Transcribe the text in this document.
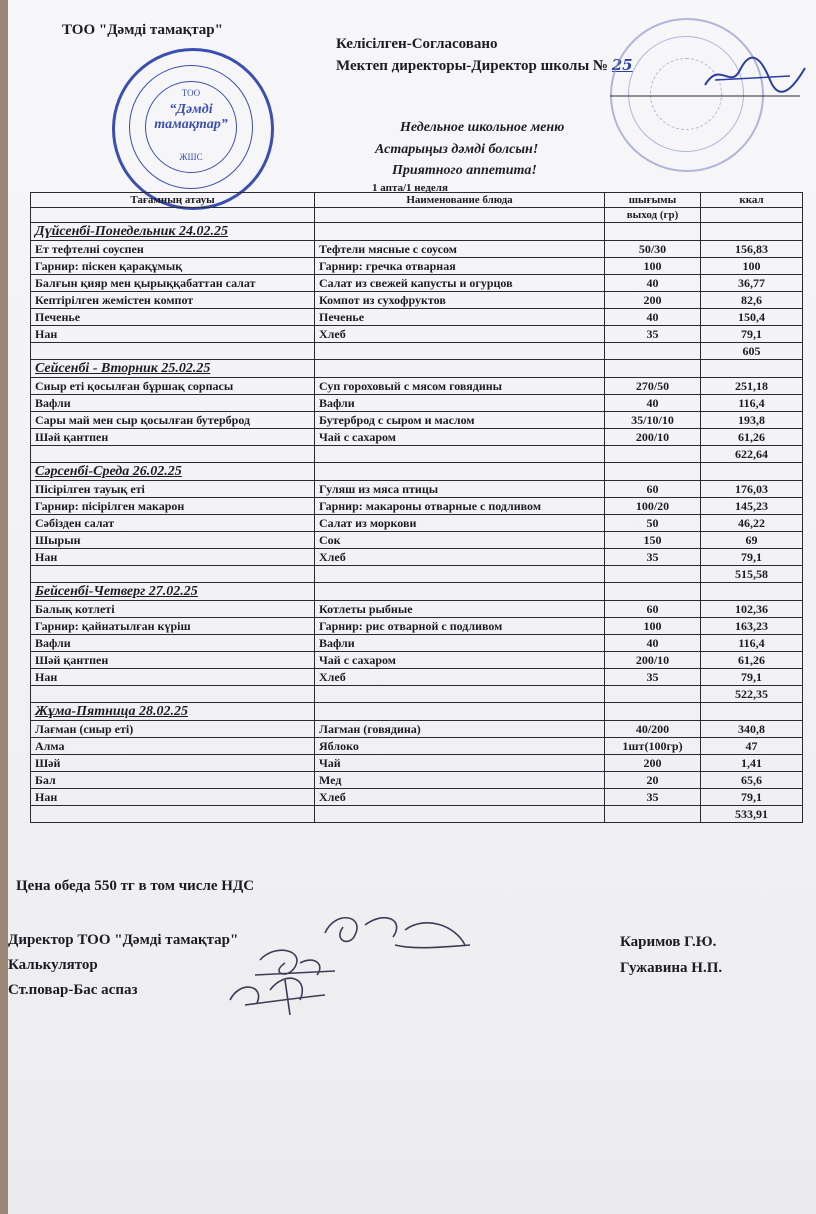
ТОО "Дәмді тамақтар"
Келісілген-Согласовано
Мектеп директоры-Директор школы № 25
ТОО
“Дәмді тамақтар”
ЖШС
Недельное школьное меню
Астарыңыз дәмді болсын!
Приятного аппетита!
1 апта/1 неделя
Тағамның атауы	Наименование блюда	шығымы	ккал
		выход (гр)	
Дүйсенбі-Понедельник 24.02.25			
Ет тефтелні соуспен	Тефтели мясные с соусом	50/30	156,83
Гарнир: піскен қарақұмық	Гарнир: гречка отварная	100	100
Балғын қияр мен қырыққабаттан салат	Салат из свежей капусты и огурцов	40	36,77
Кептірілген жемістен компот	Компот из сухофруктов	200	82,6
Печенье	Печенье	40	150,4
Нан	Хлеб	35	79,1
			605
Сейсенбі - Вторник 25.02.25			
Сиыр еті қосылған бұршақ сорпасы	Суп гороховый с мясом говядины	270/50	251,18
Вафли	Вафли	40	116,4
Сары май мен сыр қосылған бутерброд	Бутерброд с сыром и маслом	35/10/10	193,8
Шәй қантпен	Чай с сахаром	200/10	61,26
			622,64
Сәрсенбі-Среда 26.02.25			
Пісірілген тауық еті	Гуляш из мяса птицы	60	176,03
Гарнир: пісірілген макарон	Гарнир: макароны отварные с подливом	100/20	145,23
Сәбізден салат	Салат из моркови	50	46,22
Шырын	Сок	150	69
Нан	Хлеб	35	79,1
			515,58
Бейсенбі-Четверг 27.02.25			
Балық котлеті	Котлеты рыбные	60	102,36
Гарнир: қайнатылған күріш	Гарнир: рис отварной с подливом	100	163,23
Вафли	Вафли	40	116,4
Шәй қантпен	Чай с сахаром	200/10	61,26
Нан	Хлеб	35	79,1
			522,35
Жұма-Пятница 28.02.25			
Лағман (сиыр еті)	Лагман (говядина)	40/200	340,8
Алма	Яблоко	1шт(100гр)	47
Шәй	Чай	200	1,41
Бал	Мед	20	65,6
Нан	Хлеб	35	79,1
			533,91
Цена обеда 550 тг в том числе НДС
Директор ТОО "Дәмді тамақтар"
Калькулятор
Ст.повар-Бас аспаз
Каримов Г.Ю.
Гужавина Н.П.
